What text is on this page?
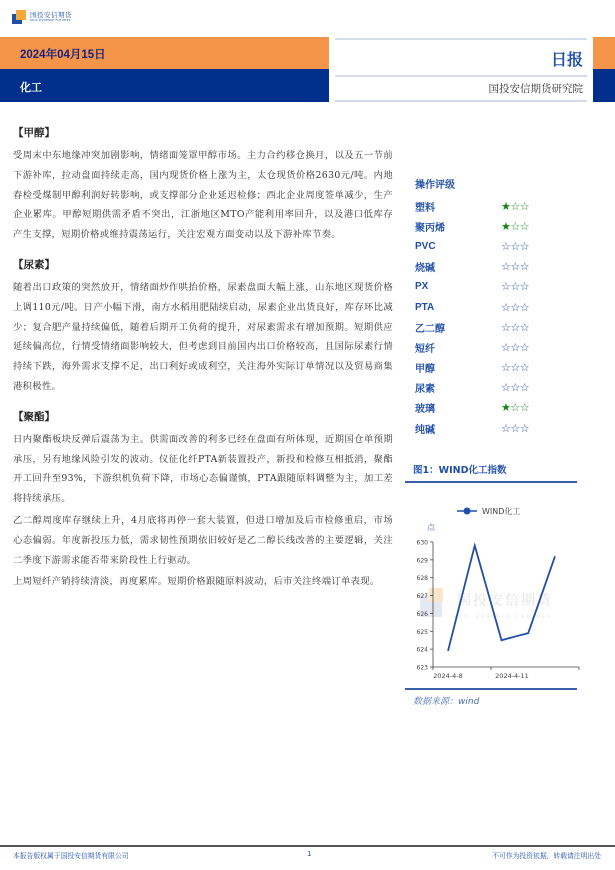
国投安信期货
SDIC ESSENCE FUTURES
2024年04月15日
化工
日报
国投安信期货研究院
【甲醇】

受周末中东地缘冲突加剧影响，情绪面笼罩甲醇市场。主力合约移仓换月，以及五一节前下游补库，拉动盘面持续走高，国内现货价格上涨为主，太仓现货价格2630元/吨。内地春检受煤制甲醇利润好转影响，或支撑部分企业延迟检修；西北企业周度签单减少，生产企业累库。甲醇短期供需矛盾不突出，江浙地区MTO产能利用率回升，以及港口低库存产生支撑，短期价格或维持震荡运行，关注宏观方面变动以及下游补库节奏。

【尿素】

随着出口政策的突然放开，情绪面炒作哄抬价格，尿素盘面大幅上涨，山东地区现货价格上调110元/吨。日产小幅下滑，南方水稻用肥陆续启动，尿素企业出货良好，库存环比减少；复合肥产量持续偏低，随着后期开工负荷的提升，对尿素需求有增加预期。短期供应延续偏高位，行情受情绪面影响较大，但考虑到目前国内出口价格较高，且国际尿素行情持续下跌，海外需求支撑不足，出口利好或成利空，关注海外实际订单情况以及贸易商集港积极性。

【聚酯】

日内聚酯板块反弹后震荡为主。供需面改善的利多已经在盘面有所体现，近期国仓单预期承压，另有地缘风险引发的波动。仪征化纤PTA新装置投产，新投和检修互相抵消，聚酯开工回升至93%，下游织机负荷下降，市场心态偏谨慎，PTA跟随原料调整为主，加工差将持续承压。

乙二醇周度库存继续上升，4月底将再停一套大装置，但进口增加及后市检修重启，市场心态偏弱。年度新投压力低，需求韧性预期依旧较好是乙二醇长线改善的主要逻辑，关注二季度下游需求能否带来阶段性上行驱动。

上周短纤产销持续清淡，再度累库。短期价格跟随原料波动，后市关注终端订单表现。

操作评级
塑料	★☆☆
聚丙烯	★☆☆
PVC	☆☆☆
烧碱	☆☆☆
PX	☆☆☆
PTA	☆☆☆
乙二醇	☆☆☆
短纤	☆☆☆
甲醇	☆☆☆
尿素	☆☆☆
玻璃	★☆☆
纯碱	☆☆☆
图1：WIND化工指数
WIND化工
点
国投安信期货
SDIC ESSENCE FUTURES
623
624
625
626
627
628
629
630
2024-4-8	2024-4-11
数据来源：wind
本报告版权属于国投安信期货有限公司	1	不可作为投资依据，转载请注明出处
